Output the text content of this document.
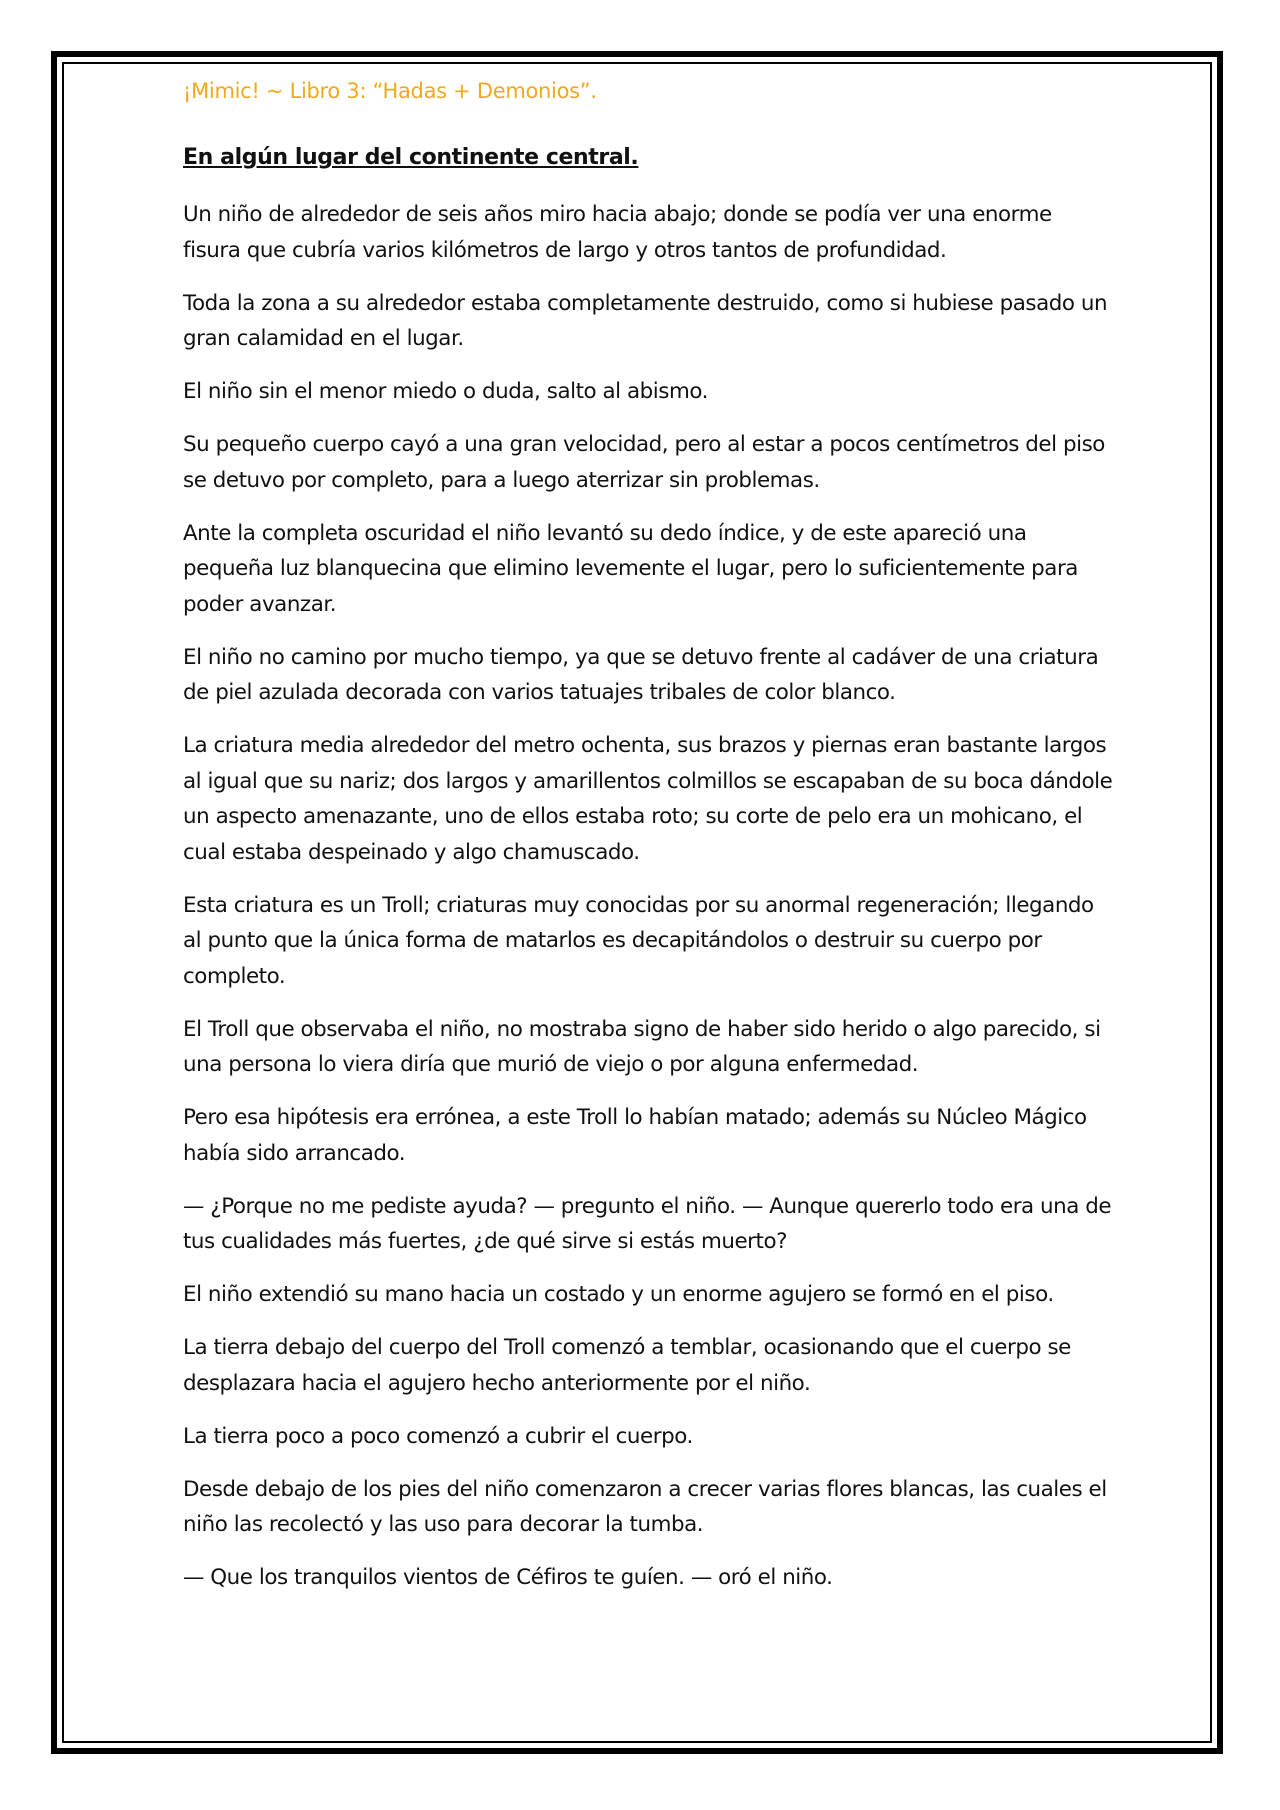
¡Mimic! ~ Libro 3: “Hadas + Demonios”.
En algún lugar del continente central.

Un niño de alrededor de seis años miro hacia abajo; donde se podía ver una enorme fisura que cubría varios kilómetros de largo y otros tantos de profundidad.

Toda la zona a su alrededor estaba completamente destruido, como si hubiese pasado un gran calamidad en el lugar.

El niño sin el menor miedo o duda, salto al abismo.

Su pequeño cuerpo cayó a una gran velocidad, pero al estar a pocos centímetros del piso se detuvo por completo, para a luego aterrizar sin problemas.

Ante la completa oscuridad el niño levantó su dedo índice, y de este apareció una pequeña luz blanquecina que elimino levemente el lugar, pero lo suficientemente para poder avanzar.

El niño no camino por mucho tiempo, ya que se detuvo frente al cadáver de una criatura de piel azulada decorada con varios tatuajes tribales de color blanco.

La criatura media alrededor del metro ochenta, sus brazos y piernas eran bastante largos al igual que su nariz; dos largos y amarillentos colmillos se escapaban de su boca dándole un aspecto amenazante, uno de ellos estaba roto; su corte de pelo era un mohicano, el cual estaba despeinado y algo chamuscado.

Esta criatura es un Troll; criaturas muy conocidas por su anormal regeneración; llegando al punto que la única forma de matarlos es decapitándolos o destruir su cuerpo por completo.

El Troll que observaba el niño, no mostraba signo de haber sido herido o algo parecido, si una persona lo viera diría que murió de viejo o por alguna enfermedad.

Pero esa hipótesis era errónea, a este Troll lo habían matado; además su Núcleo Mágico había sido arrancado.

— ¿Porque no me pediste ayuda? — pregunto el niño. — Aunque quererlo todo era una de tus cualidades más fuertes, ¿de qué sirve si estás muerto?

El niño extendió su mano hacia un costado y un enorme agujero se formó en el piso.

La tierra debajo del cuerpo del Troll comenzó a temblar, ocasionando que el cuerpo se desplazara hacia el agujero hecho anteriormente por el niño.

La tierra poco a poco comenzó a cubrir el cuerpo.

Desde debajo de los pies del niño comenzaron a crecer varias flores blancas, las cuales el niño las recolectó y las uso para decorar la tumba.

— Que los tranquilos vientos de Céfiros te guíen. — oró el niño.
